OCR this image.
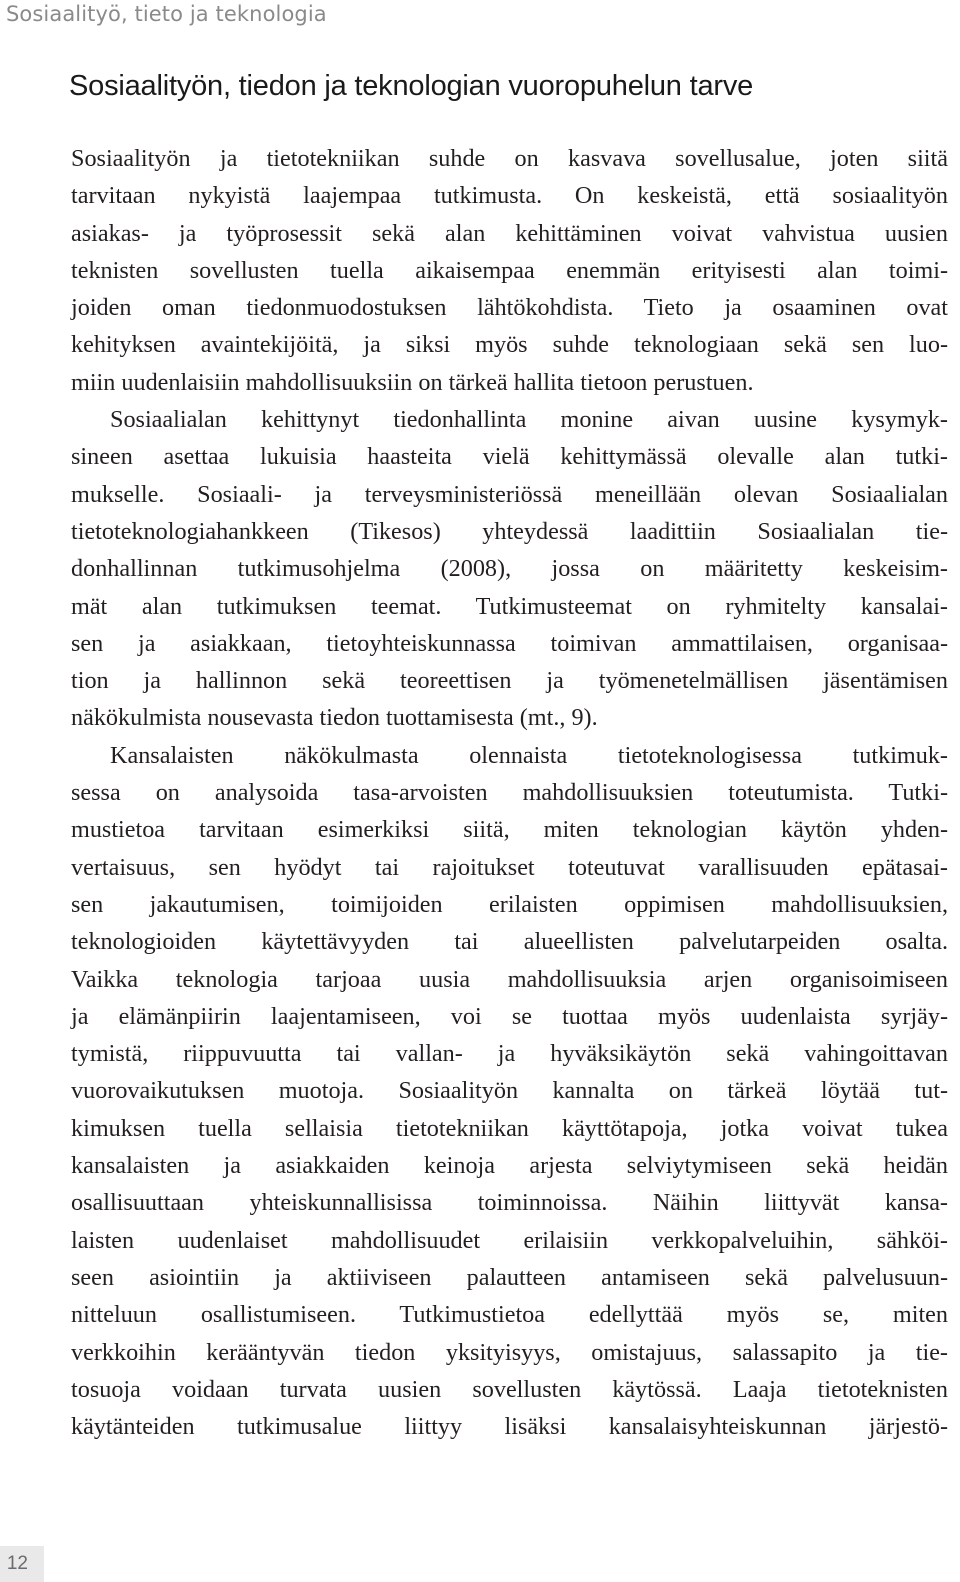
Sosiaalityö, tieto ja teknologia
Sosiaalityön, tiedon ja teknologian vuoropuhelun tarve
Sosiaalityön ja tietotekniikan suhde on kasvava sovellusalue, joten siitä
tarvitaan nykyistä laajempaa tutkimusta. On keskeistä, että sosiaalityön
asiakas- ja työprosessit sekä alan kehittäminen voivat vahvistua uusien
teknisten sovellusten tuella aikaisempaa enemmän erityisesti alan toimi-
joiden oman tiedonmuodostuksen lähtökohdista. Tieto ja osaaminen ovat
kehityksen avaintekijöitä, ja siksi myös suhde teknologiaan sekä sen luo-
miin uudenlaisiin mahdollisuuksiin on tärkeä hallita tietoon perustuen.
Sosiaalialan kehittynyt tiedonhallinta monine aivan uusine kysymyk-
sineen asettaa lukuisia haasteita vielä kehittymässä olevalle alan tutki-
mukselle. Sosiaali- ja terveysministeriössä meneillään olevan Sosiaalialan
tietoteknologiahankkeen (Tikesos) yhteydessä laadittiin Sosiaalialan tie-
donhallinnan tutkimusohjelma (2008), jossa on määritetty keskeisim-
mät alan tutkimuksen teemat. Tutkimusteemat on ryhmitelty kansalai-
sen ja asiakkaan, tietoyhteiskunnassa toimivan ammattilaisen, organisaa-
tion ja hallinnon sekä teoreettisen ja työmenetelmällisen jäsentämisen
näkökulmista nousevasta tiedon tuottamisesta (mt., 9).
Kansalaisten näkökulmasta olennaista tietoteknologisessa tutkimuk-
sessa on analysoida tasa-arvoisten mahdollisuuksien toteutumista. Tutki-
mustietoa tarvitaan esimerkiksi siitä, miten teknologian käytön yhden-
vertaisuus, sen hyödyt tai rajoitukset toteutuvat varallisuuden epätasai-
sen jakautumisen, toimijoiden erilaisten oppimisen mahdollisuuksien,
teknologioiden käytettävyyden tai alueellisten palvelutarpeiden osalta.
Vaikka teknologia tarjoaa uusia mahdollisuuksia arjen organisoimiseen
ja elämänpiirin laajentamiseen, voi se tuottaa myös uudenlaista syrjäy-
tymistä, riippuvuutta tai vallan- ja hyväksikäytön sekä vahingoittavan
vuorovaikutuksen muotoja. Sosiaalityön kannalta on tärkeä löytää tut-
kimuksen tuella sellaisia tietotekniikan käyttötapoja, jotka voivat tukea
kansalaisten ja asiakkaiden keinoja arjesta selviytymiseen sekä heidän
osallisuuttaan yhteiskunnallisissa toiminnoissa. Näihin liittyvät kansa-
laisten uudenlaiset mahdollisuudet erilaisiin verkkopalveluihin, sähköi-
seen asiointiin ja aktiiviseen palautteen antamiseen sekä palvelusuun-
nitteluun osallistumiseen. Tutkimustietoa edellyttää myös se, miten
verkkoihin kerääntyvän tiedon yksityisyys, omistajuus, salassapito ja tie-
tosuoja voidaan turvata uusien sovellusten käytössä. Laaja tietoteknisten
käytänteiden tutkimusalue liittyy lisäksi kansalaisyhteiskunnan järjestö-
12
